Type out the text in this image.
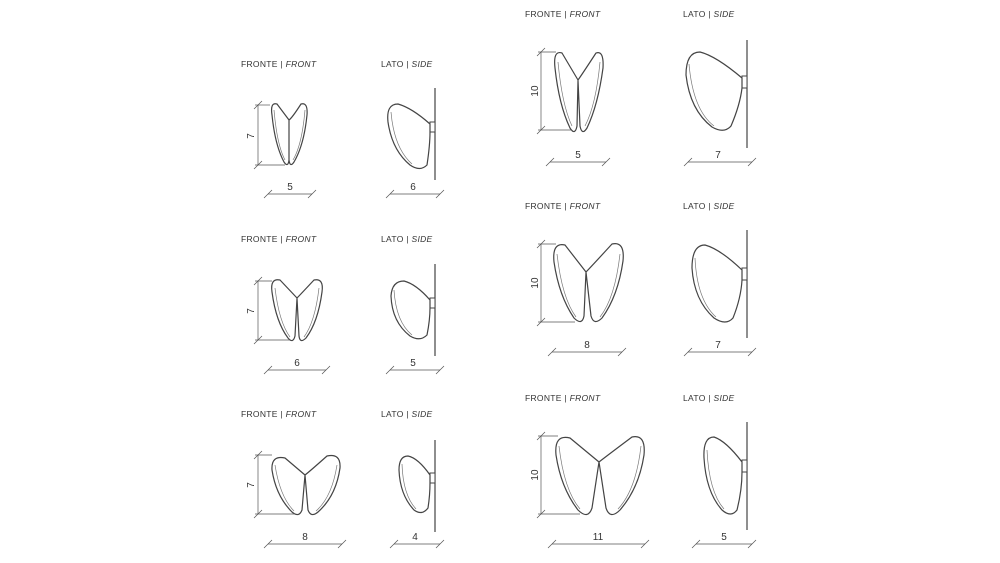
FRONTE | FRONT	LATO | SIDE
7
5	6
FRONTE | FRONT	LATO | SIDE
7
6	5
FRONTE | FRONT	LATO | SIDE
7
8	4
FRONTE | FRONT	LATO | SIDE
10
5	7
FRONTE | FRONT	LATO | SIDE
10
8	7
FRONTE | FRONT	LATO | SIDE
10
11	5
